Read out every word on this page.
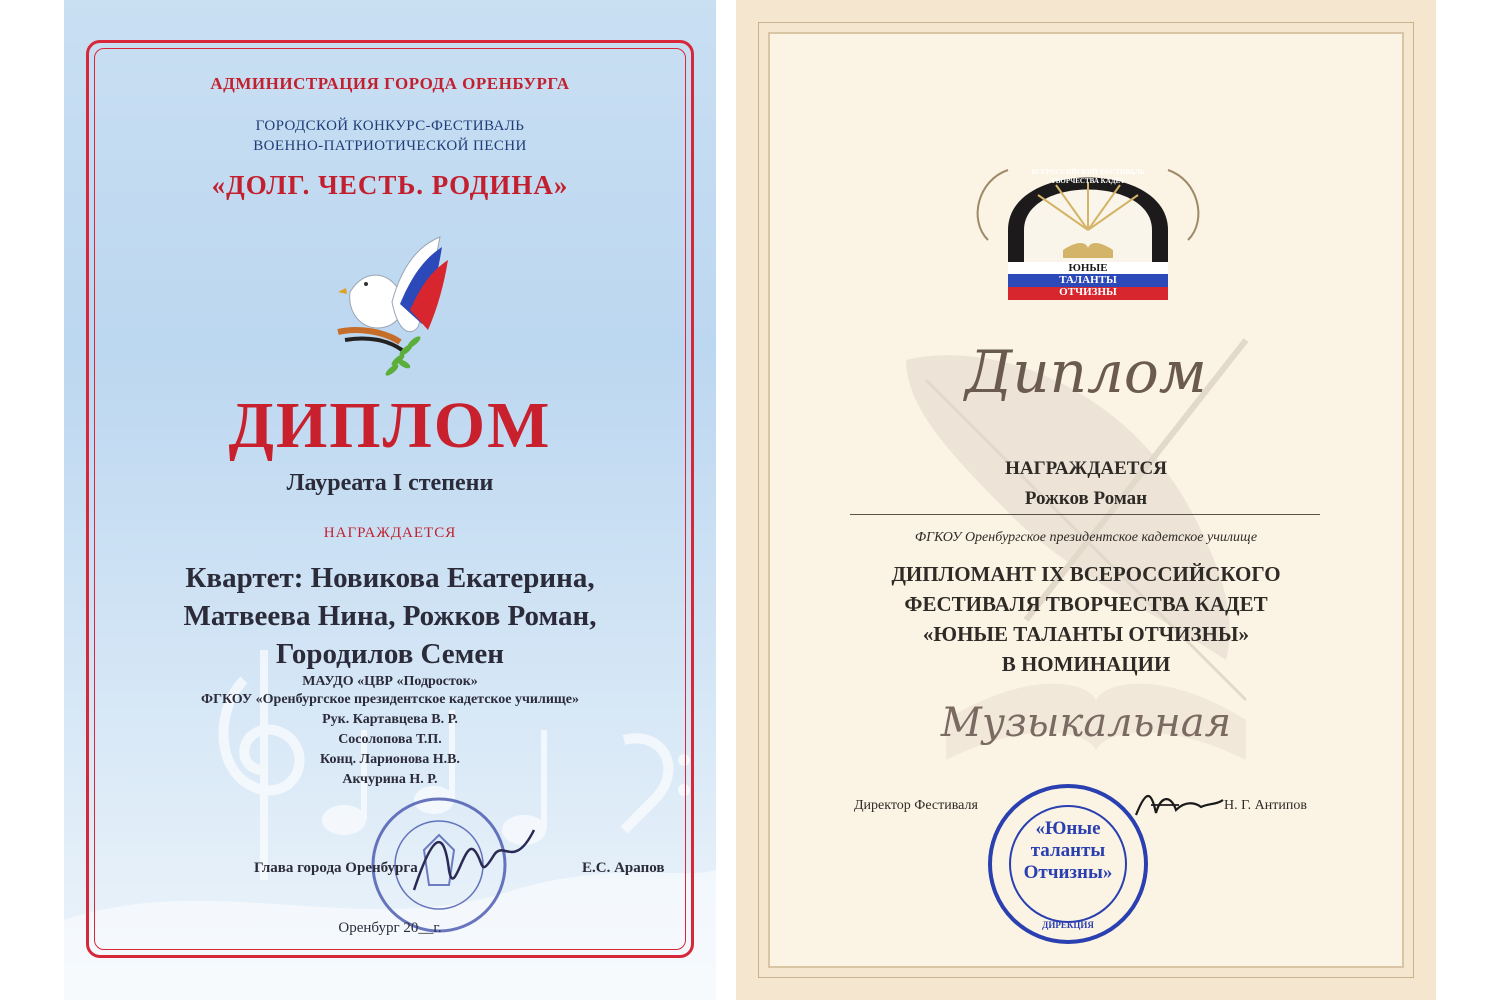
АДМИНИСТРАЦИЯ ГОРОДА ОРЕНБУРГА

ГОРОДСКОЙ КОНКУРС-ФЕСТИВАЛЬ

ВОЕННО-ПАТРИОТИЧЕСКОЙ ПЕСНИ

«ДОЛГ. ЧЕСТЬ. РОДИНА»

ДИПЛОМ

Лауреата I степени

НАГРАЖДАЕТСЯ

Квартет: Новикова Екатерина,

Матвеева Нина, Рожков Роман,

Городилов Семен

МАУДО «ЦВР «Подросток»

ФГКОУ «Оренбургское президентское кадетское училище»

Рук. Картавцева В. Р.

Сосолопова Т.П.

Конц. Ларионова Н.В.

Акчурина Н. Р.

Глава города Оренбурга	Е.С. Арапов

Оренбург 20__г.

ВСЕРОССИЙСКИЙ ФЕСТИВАЛЬ ТВОРЧЕСТВА КАДЕТ
ЮНЫЕ
ТАЛАНТЫ
ОТЧИЗНЫ

Диплом

НАГРАЖДАЕТСЯ

Рожков Роман

ФГКОУ Оренбургское президентское кадетское училище

ДИПЛОМАНТ IX ВСЕРОССИЙСКОГО

ФЕСТИВАЛЯ ТВОРЧЕСТВА КАДЕТ

«ЮНЫЕ ТАЛАНТЫ ОТЧИЗНЫ»

В НОМИНАЦИИ

Музыкальная

Директор Фестиваля	Н. Г. Антипов
«Юные
таланты
Отчизны»
ДИРЕКЦИЯ
